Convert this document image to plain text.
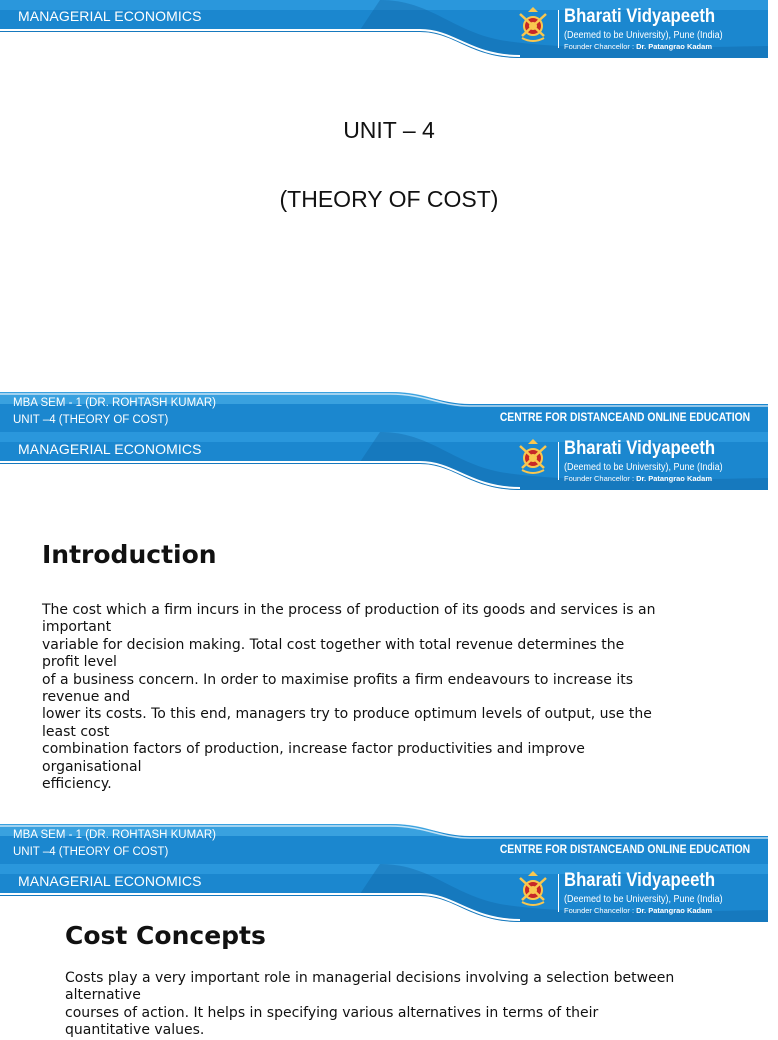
MANAGERIAL ECONOMICS	Bharati Vidyapeeth
(Deemed to be University), Pune (India)
Founder Chancellor : Dr. Patangrao Kadam
UNIT – 4
(THEORY OF COST)
MBA SEM - 1 (DR. ROHTASH KUMAR)
UNIT –4 (THEORY OF COST)	CENTRE FOR DISTANCEAND ONLINE EDUCATION
MANAGERIAL ECONOMICS	Bharati Vidyapeeth
(Deemed to be University), Pune (India)
Founder Chancellor : Dr. Patangrao Kadam
Introduction
The cost which a firm incurs in the process of production of its goods and services is an
important
variable for decision making. Total cost together with total revenue determines the
profit level
of a business concern. In order to maximise profits a firm endeavours to increase its
revenue and
lower its costs. To this end, managers try to produce optimum levels of output, use the
least cost
combination factors of production, increase factor productivities and improve
organisational
efficiency.
MBA SEM - 1 (DR. ROHTASH KUMAR)
UNIT –4 (THEORY OF COST)	CENTRE FOR DISTANCEAND ONLINE EDUCATION
MANAGERIAL ECONOMICS	Bharati Vidyapeeth
(Deemed to be University), Pune (India)
Founder Chancellor : Dr. Patangrao Kadam
Cost Concepts
Costs play a very important role in managerial decisions involving a selection between
alternative
courses of action. It helps in specifying various alternatives in terms of their
quantitative values.
